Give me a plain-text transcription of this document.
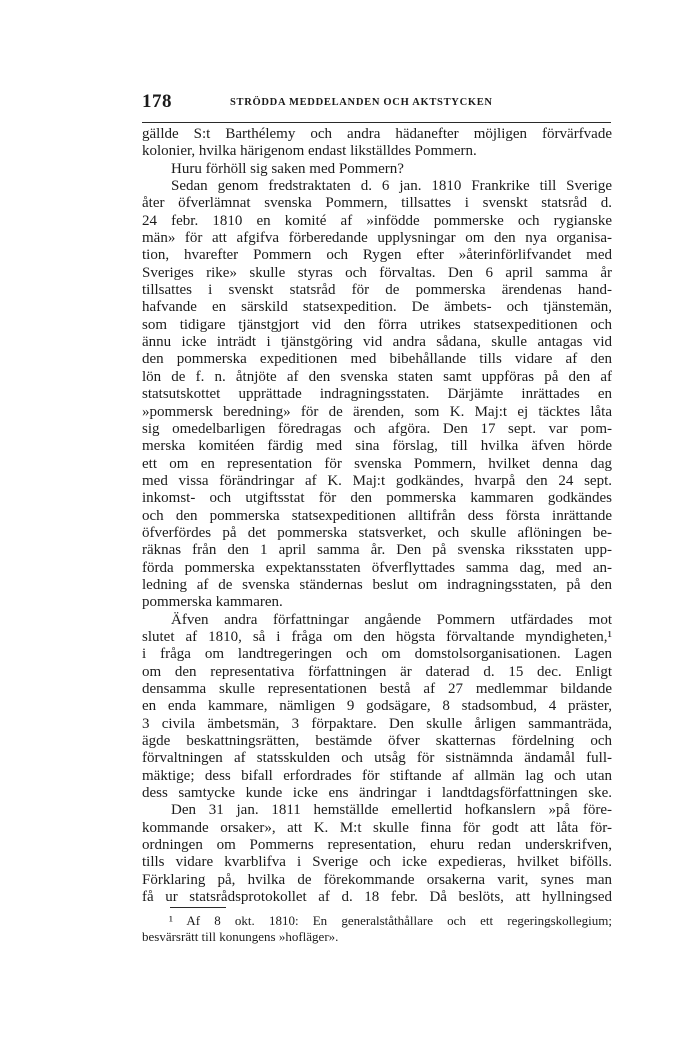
178	STRÖDDA MEDDELANDEN OCH AKTSTYCKEN
gällde S:t Barthélemy och andra hädanefter möjligen förvärfvade
kolonier, hvilka härigenom endast likställdes Pommern.
Huru förhöll sig saken med Pommern?
Sedan genom fredstraktaten d. 6 jan. 1810 Frankrike till Sverige
åter öfverlämnat svenska Pommern, tillsattes i svenskt statsråd d.
24 febr. 1810 en komité af »infödde pommerske och rygianske
män» för att afgifva förberedande upplysningar om den nya organisa-
tion, hvarefter Pommern och Rygen efter »återinförlifvandet med
Sveriges rike» skulle styras och förvaltas. Den 6 april samma år
tillsattes i svenskt statsråd för de pommerska ärendenas hand-
hafvande en särskild statsexpedition. De ämbets- och tjänstemän,
som tidigare tjänstgjort vid den förra utrikes statsexpeditionen och
ännu icke inträdt i tjänstgöring vid andra sådana, skulle antagas vid
den pommerska expeditionen med bibehållande tills vidare af den
lön de f. n. åtnjöte af den svenska staten samt uppföras på den af
statsutskottet upprättade indragningsstaten. Därjämte inrättades en
»pommersk beredning» för de ärenden, som K. Maj:t ej täcktes låta
sig omedelbarligen föredragas och afgöra. Den 17 sept. var pom-
merska komitéen färdig med sina förslag, till hvilka äfven hörde
ett om en representation för svenska Pommern, hvilket denna dag
med vissa förändringar af K. Maj:t godkändes, hvarpå den 24 sept.
inkomst- och utgiftsstat för den pommerska kammaren godkändes
och den pommerska statsexpeditionen alltifrån dess första inrättande
öfverfördes på det pommerska statsverket, och skulle aflöningen be-
räknas från den 1 april samma år. Den på svenska riksstaten upp-
förda pommerska expektansstaten öfverflyttades samma dag, med an-
ledning af de svenska ständernas beslut om indragningsstaten, på den
pommerska kammaren.
Äfven andra författningar angående Pommern utfärdades mot
slutet af 1810, så i fråga om den högsta förvaltande myndigheten,¹
i fråga om landtregeringen och om domstolsorganisationen. Lagen
om den representativa författningen är daterad d. 15 dec. Enligt
densamma skulle representationen bestå af 27 medlemmar bildande
en enda kammare, nämligen 9 godsägare, 8 stadsombud, 4 präster,
3 civila ämbetsmän, 3 förpaktare. Den skulle årligen sammanträda,
ägde beskattningsrätten, bestämde öfver skatternas fördelning och
förvaltningen af statsskulden och utsåg för sistnämnda ändamål full-
mäktige; dess bifall erfordrades för stiftande af allmän lag och utan
dess samtycke kunde icke ens ändringar i landtdagsförfattningen ske.
Den 31 jan. 1811 hemställde emellertid hofkanslern »på före-
kommande orsaker», att K. M:t skulle finna för godt att låta för-
ordningen om Pommerns representation, ehuru redan underskrifven,
tills vidare kvarblifva i Sverige och icke expedieras, hvilket bifölls.
Förklaring på, hvilka de förekommande orsakerna varit, synes man
få ur statsrådsprotokollet af d. 18 febr. Då beslöts, att hyllningsed
¹ Af 8 okt. 1810: En generalståthållare och ett regeringskollegium;
besvärsrätt till konungens »hofläger».
